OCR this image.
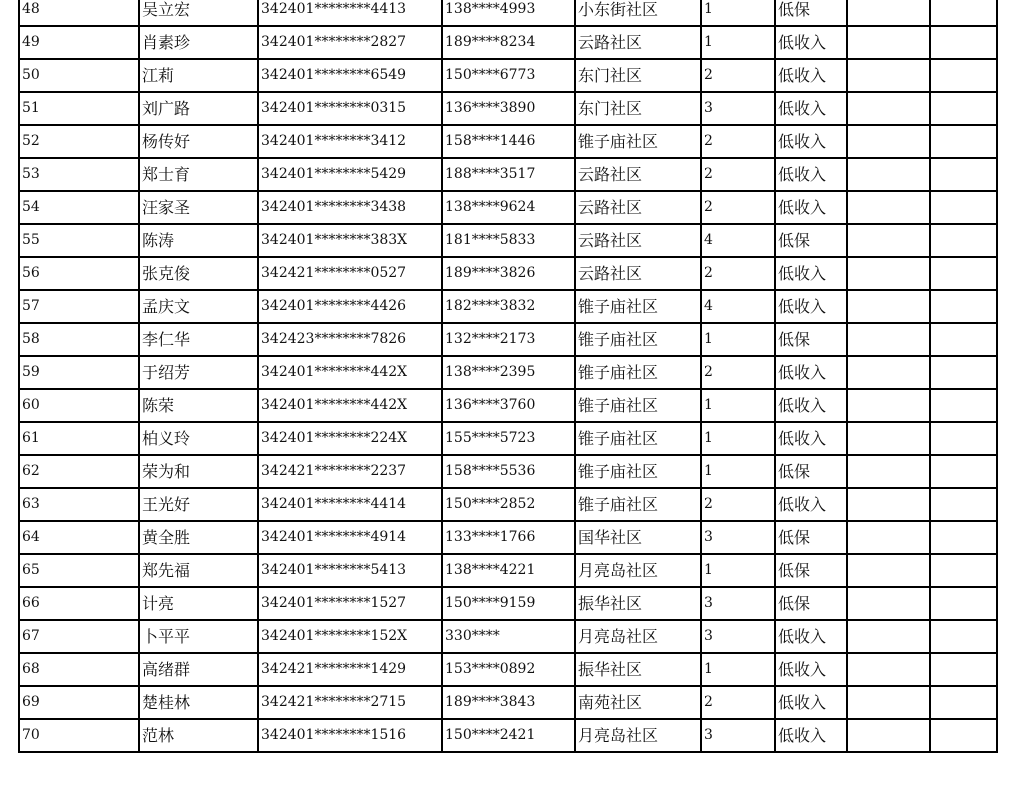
48	吴立宏	342401********4413	138****4993	小东街社区	1	低保		
49	肖素珍	342401********2827	189****8234	云路社区	1	低收入		
50	江莉	342401********6549	150****6773	东门社区	2	低收入		
51	刘广路	342401********0315	136****3890	东门社区	3	低收入		
52	杨传好	342401********3412	158****1446	锥子庙社区	2	低收入		
53	郑士育	342401********5429	188****3517	云路社区	2	低收入		
54	汪家圣	342401********3438	138****9624	云路社区	2	低收入		
55	陈涛	342401********383X	181****5833	云路社区	4	低保		
56	张克俊	342421********0527	189****3826	云路社区	2	低收入		
57	孟庆文	342401********4426	182****3832	锥子庙社区	4	低收入		
58	李仁华	342423********7826	132****2173	锥子庙社区	1	低保		
59	于绍芳	342401********442X	138****2395	锥子庙社区	2	低收入		
60	陈荣	342401********442X	136****3760	锥子庙社区	1	低收入		
61	柏义玲	342401********224X	155****5723	锥子庙社区	1	低收入		
62	荣为和	342421********2237	158****5536	锥子庙社区	1	低保		
63	王光好	342401********4414	150****2852	锥子庙社区	2	低收入		
64	黄全胜	342401********4914	133****1766	国华社区	3	低保		
65	郑先福	342401********5413	138****4221	月亮岛社区	1	低保		
66	计亮	342401********1527	150****9159	振华社区	3	低保		
67	卜平平	342401********152X	330****	月亮岛社区	3	低收入		
68	高绪群	342421********1429	153****0892	振华社区	1	低收入		
69	楚桂林	342421********2715	189****3843	南苑社区	2	低收入		
70	范林	342401********1516	150****2421	月亮岛社区	3	低收入		
